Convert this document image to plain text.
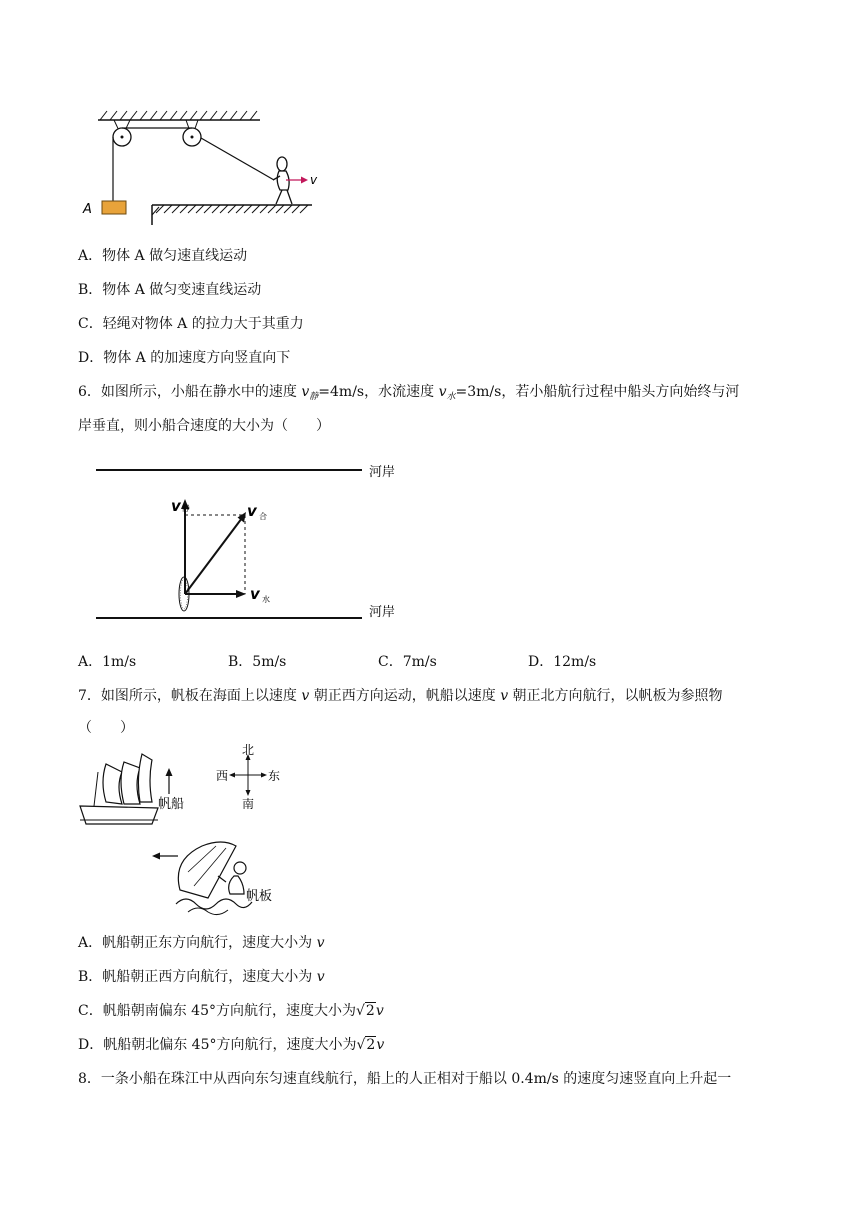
A
v
A．物体 A 做匀速直线运动
B．物体 A 做匀变速直线运动
C．轻绳对物体 A 的拉力大于其重力
D．物体 A 的加速度方向竖直向下
6．如图所示，小船在静水中的速度 $v_静=4m/s$，水流速度 $v_水=3m/s$，若小船航行过程中船头方向始终与河
岸垂直，则小船合速度的大小为（　　）
河岸
河岸
v 静	v 合
v 水
A．1m/s	B．5m/s	C．7m/s	D．12m/s
7．如图所示，帆板在海面上以速度 v 朝正西方向运动，帆船以速度 v 朝正北方向航行，以帆板为参照物
（　　）
帆船
北
南
西	东
帆板
A．帆船朝正东方向航行，速度大小为 v
B．帆船朝正西方向航行，速度大小为 v
C．帆船朝南偏东 45°方向航行，速度大小为√2v
D．帆船朝北偏东 45°方向航行，速度大小为√2v
8．一条小船在珠江中从西向东匀速直线航行，船上的人正相对于船以 0.4m/s 的速度匀速竖直向上升起一
